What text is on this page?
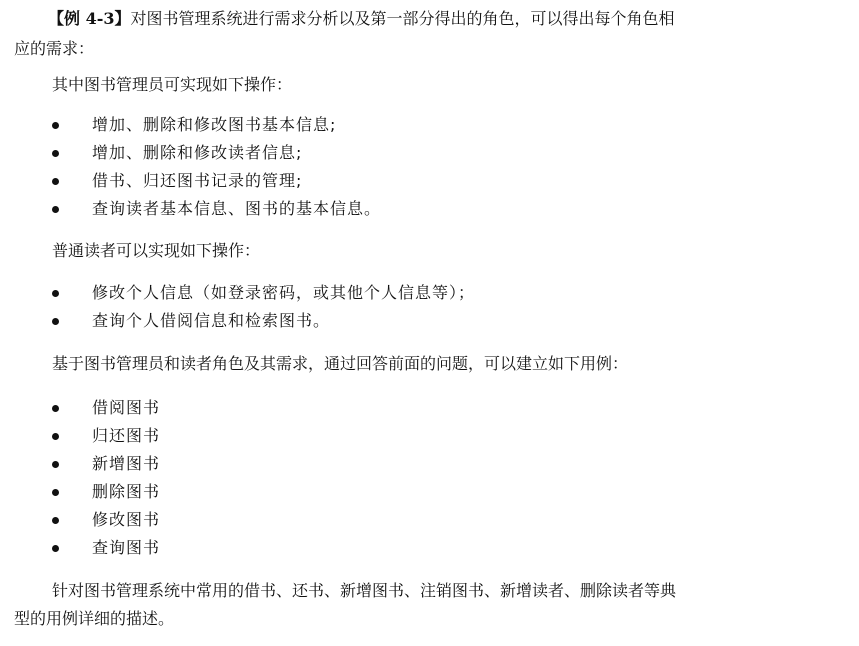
【例 4-3】对图书管理系统进行需求分析以及第一部分得出的角色，可以得出每个角色相
应的需求：
其中图书管理员可实现如下操作：
增加、删除和修改图书基本信息;
增加、删除和修改读者信息;
借书、归还图书记录的管理;
查询读者基本信息、图书的基本信息。
普通读者可以实现如下操作：
修改个人信息（如登录密码，或其他个人信息等）；
查询个人借阅信息和检索图书。
基于图书管理员和读者角色及其需求，通过回答前面的问题，可以建立如下用例：
借阅图书
归还图书
新增图书
删除图书
修改图书
查询图书
针对图书管理系统中常用的借书、还书、新增图书、注销图书、新增读者、删除读者等典
型的用例详细的描述。
